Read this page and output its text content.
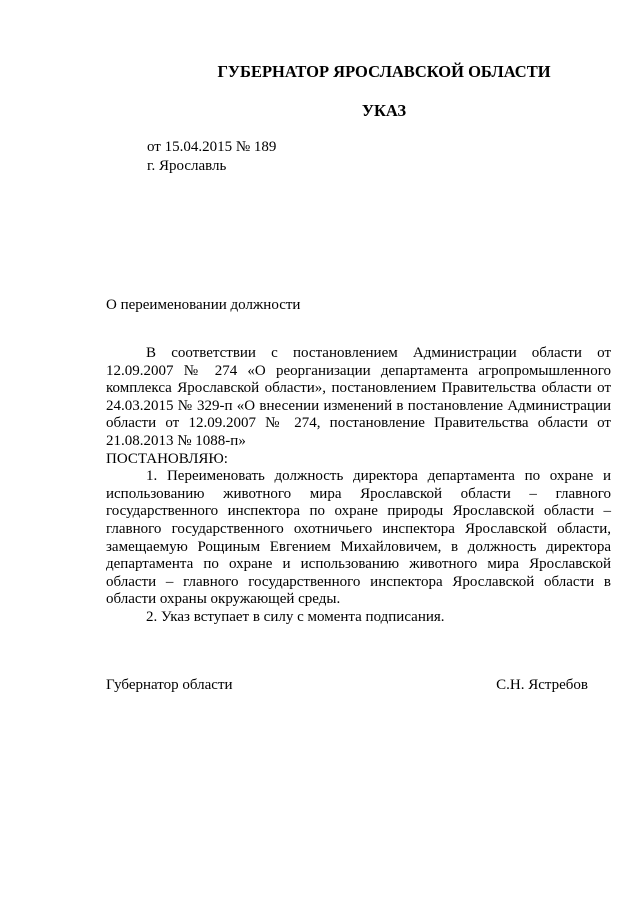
ГУБЕРНАТОР ЯРОСЛАВСКОЙ ОБЛАСТИ
УКАЗ
от 15.04.2015 № 189
г. Ярославль
О переименовании должности

В соответствии с постановлением Администрации области от 12.09.2007 № 274 «О реорганизации департамента агропромышленного комплекса Ярославской области», постановлением Правительства области от 24.03.2015 № 329-п «О внесении изменений в постановление Администрации области от 12.09.2007 № 274, постановление Правительства области от 21.08.2013 № 1088-п»

ПОСТАНОВЛЯЮ:

1. Переименовать должность директора департамента по охране и использованию животного мира Ярославской области – главного государственного инспектора по охране природы Ярославской области – главного государственного охотничьего инспектора Ярославской области, замещаемую Рощиным Евгением Михайловичем, в должность директора департамента по охране и использованию животного мира Ярославской области – главного государственного инспектора Ярославской области в области охраны окружающей среды.

2. Указ вступает в силу с момента подписания.

Губернатор области	С.Н. Ястребов
